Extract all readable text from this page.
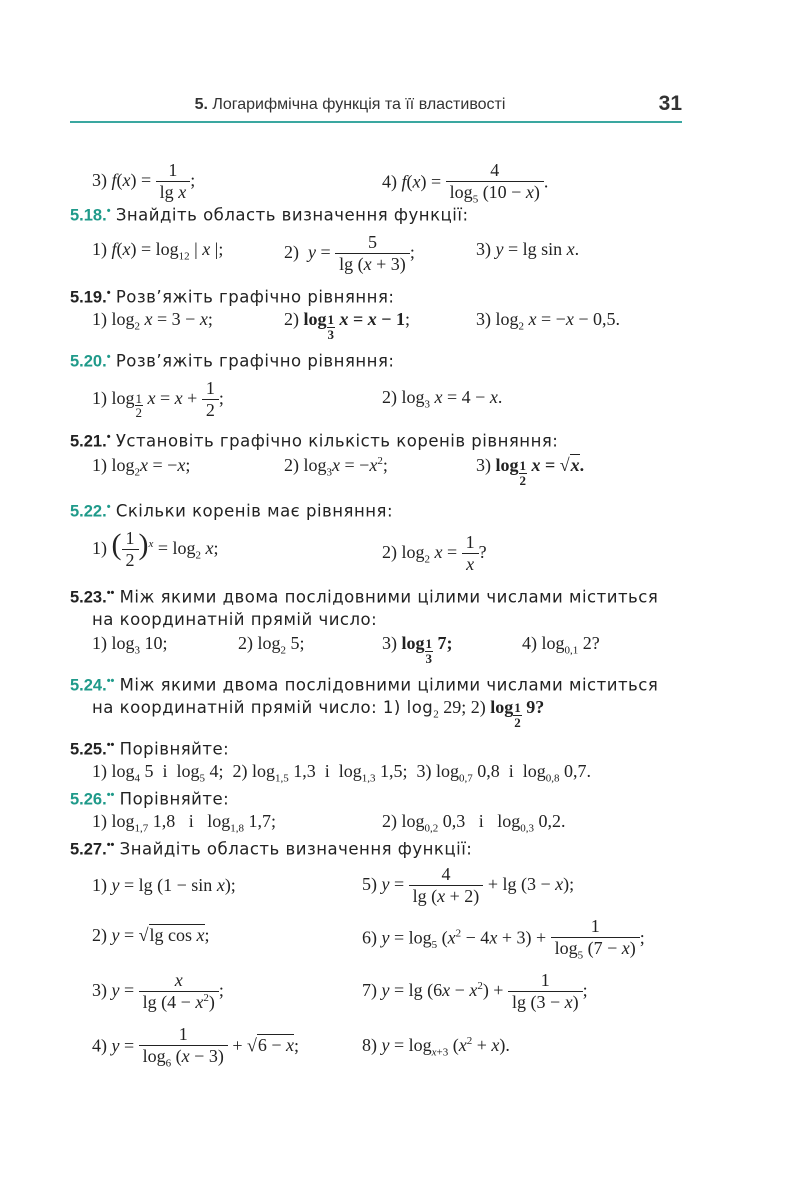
5. Логарифмічна функція та її властивості	31
3) $f(x) = \frac{1}{\text{lg x}}$ ;	4) $f(x) = \frac{4}{\log_5 (10 - x)}$ .
5.18.• Знайдіть область визначення функції:
1) $f(x) = \log_{12}$ | x |;	2)  $y = \frac{5}{\lg (x + 3)}$ ;	3) y = lg sin x.
5.19.• Розв’яжіть графічно рівняння:
1) $\log_2 x = 3 - x$;	2) log $_{\frac{1}{3}}$ x = x − 1;	3) $\log_2 x = -x - 0,5$.
5.20.• Розв’яжіть графічно рівняння:
1) log $_{\frac{1}{2}}$ $x = x + \frac{1}{2}$ ;	2) $\log_3 x = 4 - x$.
5.21.• Установіть графічно кількість коренів рівняння:
1) $\log_2x = -x$;	2) $\log_3x = -x^2$;	3) log $_{\frac{1}{2}}$ x = √x.
5.22.• Скільки коренів має рівняння:
1) ( $\frac{1}{2} )^x = \log_2 x$;	2) $\log_2 x = \frac{1}{x}$ ?
5.23.•• Між якими двома послідовними цілими числами міститься
на координатній прямій число:
1) $\log_3 10$;	2) $\log_2 5$;	3) log $_{\frac{1}{3}}$ 7;	4) $\log_{0,1} 2$?
5.24.•• Між якими двома послідовними цілими числами міститься
на координатній прямій число: 1) $\log_2 29$; 2) log $_{\frac{1}{2}}$ 9?
5.25.•• Порівняйте:
1) $\log_4 5$  і  $\log_5 4$;  2) $\log_{1,5} 1,3$  і  $\log_{1,3} 1,5$;  3) $\log_{0,7} 0,8$  і  $\log_{0,8} 0,7$.
5.26.•• Порівняйте:
1) $\log_{1,7} 1,8$   і   $\log_{1,8} 1,7$;	2) $\log_{0,2} 0,3$   і   $\log_{0,3} 0,2$.
5.27.•• Знайдіть область визначення функції:
1) y = lg (1 − sin x);	5) $y = \frac{4}{\lg (x + 2)} + \lg (3 - x)$;
2) y = √lg cos x;	6) $y = \log_5 (x^2 - 4x + 3) + \frac{1}{\log_5 (7 - x)}$ ;
3) $y = \frac{x}{\lg (4 - x^2)}$ ;	7) $y = \lg (6x - x^2) + \frac{1}{\lg (3 - x)}$ ;
4) $y = \frac{1}{\log_6 (x - 3)} + √6 - x$;	8) $y = \log_{x+3} (x^2 + x)$.
